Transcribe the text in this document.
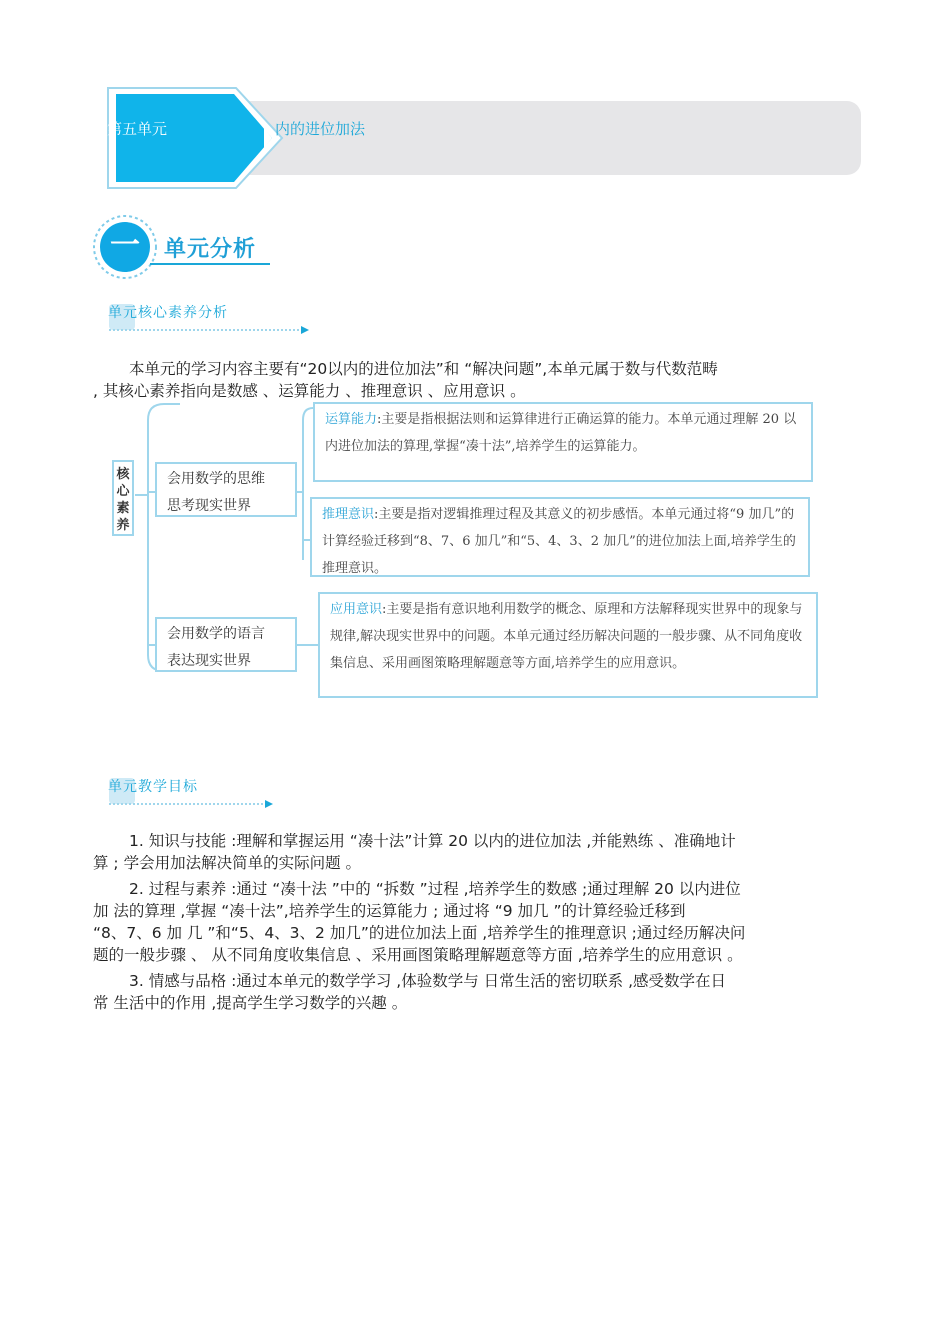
第五单元	内的进位加法
一 单元分析
单元核心素养分析

本单元的学习内容主要有“20以内的进位加法”和 “解决问题”,本单元属于数与代数范畴

, 其核心素养指向是数感 、运算能力 、推理意识 、应用意识 。

核心素养
会用数学的思维
思考现实世界
会用数学的语言
表达现实世界
运算能力:主要是指根据法则和运算律进行正确运算的能力。本单元通过理解 20 以内进位加法的算理,掌握“凑十法”,培养学生的运算能力。
推理意识:主要是指对逻辑推理过程及其意义的初步感悟。本单元通过将“9 加几”的计算经验迁移到“8、7、6 加几”和“5、4、3、2 加几”的进位加法上面,培养学生的推理意识。
应用意识:主要是指有意识地利用数学的概念、原理和方法解释现实世界中的现象与规律,解决现实世界中的问题。本单元通过经历解决问题的一般步骤、从不同角度收集信息、采用画图策略理解题意等方面,培养学生的应用意识。
单元教学目标

1. 知识与技能 :理解和掌握运用 “凑十法”计算 20 以内的进位加法 ,并能熟练 、准确地计

算 ; 学会用加法解决简单的实际问题 。

2. 过程与素养 :通过 “凑十法 ”中的 “拆数 ”过程 ,培养学生的数感 ;通过理解 20 以内进位

加 法的算理 ,掌握 “凑十法”,培养学生的运算能力 ; 通过将 “9 加几 ”的计算经验迁移到

“8、7、6 加 几 ”和“5、4、3、2 加几”的进位加法上面 ,培养学生的推理意识 ;通过经历解决问

题的一般步骤 、 从不同角度收集信息 、采用画图策略理解题意等方面 ,培养学生的应用意识 。

3. 情感与品格 :通过本单元的数学学习 ,体验数学与 日常生活的密切联系 ,感受数学在日

常 生活中的作用 ,提高学生学习数学的兴趣 。
